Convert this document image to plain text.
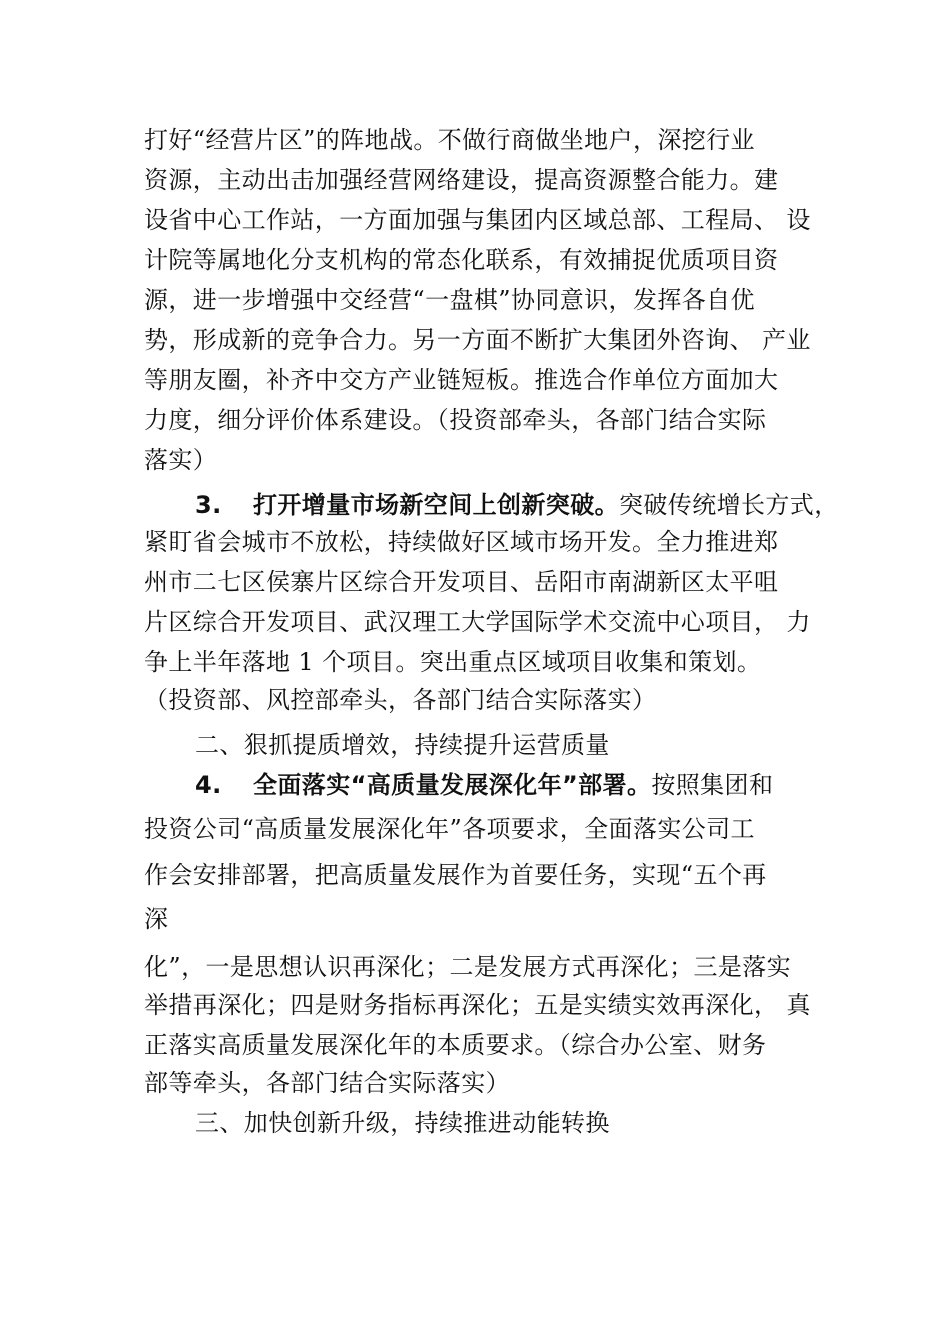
打好“经营片区”的阵地战。不做行商做坐地户，深挖行业
资源，主动出击加强经营网络建设，提高资源整合能力。建
设省中心工作站，一方面加强与集团内区域总部、工程局、 设
计院等属地化分支机构的常态化联系，有效捕捉优质项目资
源，进一步增强中交经营“一盘棋”协同意识，发挥各自优
势，形成新的竞争合力。另一方面不断扩大集团外咨询、 产业
等朋友圈，补齐中交方产业链短板。推选合作单位方面加大
力度，细分评价体系建设。（投资部牵头，各部门结合实际
落实）
3. 打开增量市场新空间上创新突破。突破传统增长方式，
紧盯省会城市不放松，持续做好区域市场开发。全力推进郑
州市二七区侯寨片区综合开发项目、岳阳市南湖新区太平咀
片区综合开发项目、武汉理工大学国际学术交流中心项目， 力
争上半年落地 1 个项目。突出重点区域项目收集和策划。
（投资部、风控部牵头，各部门结合实际落实）
二、狠抓提质增效，持续提升运营质量
4. 全面落实“高质量发展深化年”部署。按照集团和
投资公司“高质量发展深化年”各项要求，全面落实公司工
作会安排部署，把高质量发展作为首要任务，实现“五个再
深
化”，一是思想认识再深化；二是发展方式再深化；三是落实
举措再深化；四是财务指标再深化；五是实绩实效再深化， 真
正落实高质量发展深化年的本质要求。（综合办公室、财务
部等牵头，各部门结合实际落实）
三、加快创新升级，持续推进动能转换
